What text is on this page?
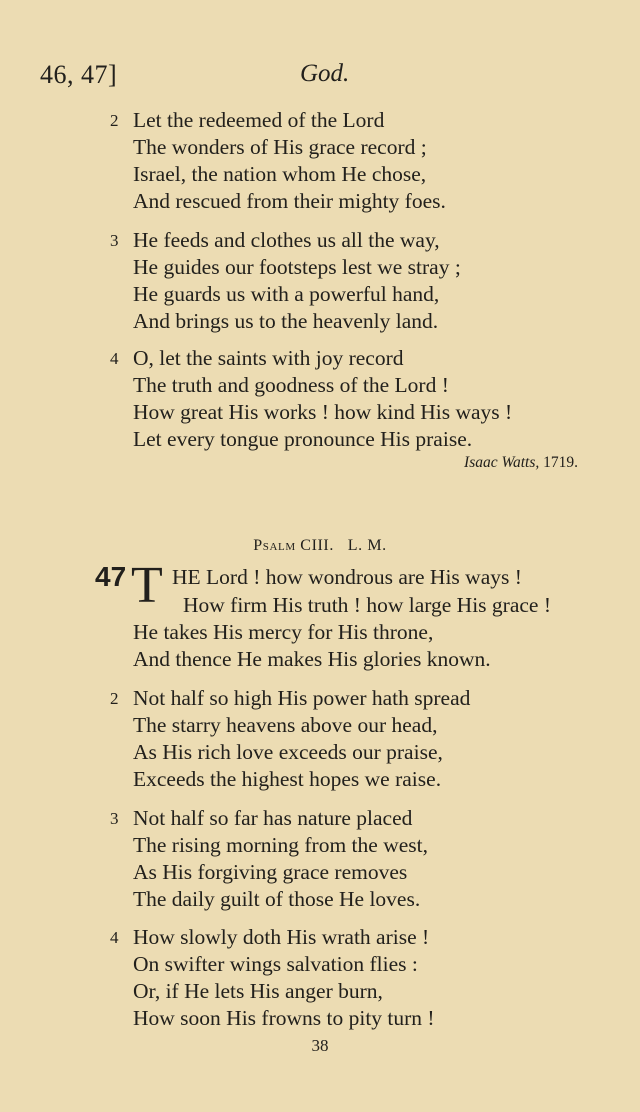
46, 47]	God.
2 Let the redeemed of the Lord
The wonders of His grace record ;
Israel, the nation whom He chose,
And rescued from their mighty foes.
3 He feeds and clothes us all the way,
He guides our footsteps lest we stray ;
He guards us with a powerful hand,
And brings us to the heavenly land.
4 O, let the saints with joy record
The truth and goodness of the Lord !
How great His works ! how kind His ways !
Let every tongue pronounce His praise.
Isaac Watts, 1719.
Psalm CIII. L. M.
47 T HE Lord ! how wondrous are His ways !
How firm His truth ! how large His grace !
He takes His mercy for His throne,
And thence He makes His glories known.
2 Not half so high His power hath spread
The starry heavens above our head,
As His rich love exceeds our praise,
Exceeds the highest hopes we raise.
3 Not half so far has nature placed
The rising morning from the west,
As His forgiving grace removes
The daily guilt of those He loves.
4 How slowly doth His wrath arise !
On swifter wings salvation flies :
Or, if He lets His anger burn,
How soon His frowns to pity turn !
38
